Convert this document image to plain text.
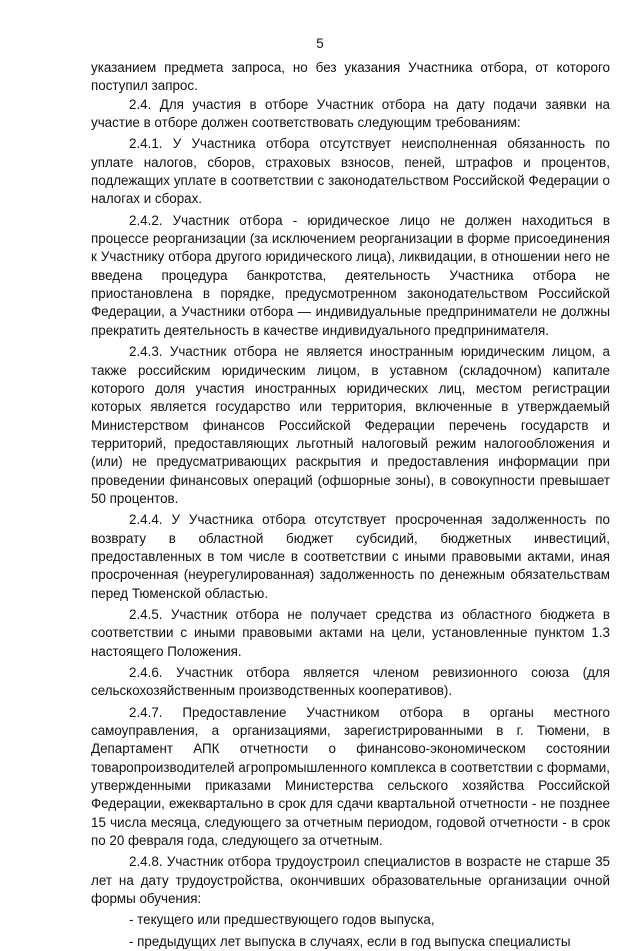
5

указанием предмета запроса, но без указания Участника отбора, от которого поступил запрос.

2.4. Для участия в отборе Участник отбора на дату подачи заявки на участие в отборе должен соответствовать следующим требованиям:

2.4.1. У Участника отбора отсутствует неисполненная обязанность по уплате налогов, сборов, страховых взносов, пеней, штрафов и процентов, подлежащих уплате в соответствии с законодательством Российской Федерации о налогах и сборах.

2.4.2. Участник отбора - юридическое лицо не должен находиться в процессе реорганизации (за исключением реорганизации в форме присоединения к Участнику отбора другого юридического лица), ликвидации, в отношении него не введена процедура банкротства, деятельность Участника отбора не приостановлена в порядке, предусмотренном законодательством Российской Федерации, а Участники отбора — индивидуальные предприниматели не должны прекратить деятельность в качестве индивидуального предпринимателя.

2.4.3. Участник отбора не является иностранным юридическим лицом, а также российским юридическим лицом, в уставном (складочном) капитале которого доля участия иностранных юридических лиц, местом регистрации которых является государство или территория, включенные в утверждаемый Министерством финансов Российской Федерации перечень государств и территорий, предоставляющих льготный налоговый режим налогообложения и (или) не предусматривающих раскрытия и предоставления информации при проведении финансовых операций (офшорные зоны), в совокупности превышает 50 процентов.

2.4.4. У Участника отбора отсутствует просроченная задолженность по возврату в областной бюджет субсидий, бюджетных инвестиций, предоставленных в том числе в соответствии с иными правовыми актами, иная просроченная (неурегулированная) задолженность по денежным обязательствам перед Тюменской областью.

2.4.5. Участник отбора не получает средства из областного бюджета в соответствии с иными правовыми актами на цели, установленные пунктом 1.3 настоящего Положения.

2.4.6. Участник отбора является членом ревизионного союза (для сельскохозяйственным производственных кооперативов).

2.4.7. Предоставление Участником отбора в органы местного самоуправления, а организациями, зарегистрированными в г. Тюмени, в Департамент АПК отчетности о финансово-экономическом состоянии товаропроизводителей агропромышленного комплекса в соответствии с формами, утвержденными приказами Министерства сельского хозяйства Российской Федерации, ежеквартально в срок для сдачи квартальной отчетности - не позднее 15 числа месяца, следующего за отчетным периодом, годовой отчетности - в срок по 20 февраля года, следующего за отчетным.

2.4.8. Участник отбора трудоустроил специалистов в возрасте не старше 35 лет на дату трудоустройства, окончивших образовательные организации очной формы обучения:

- текущего или предшествующего годов выпуска,

- предыдущих лет выпуска в случаях, если в год выпуска специалисты
